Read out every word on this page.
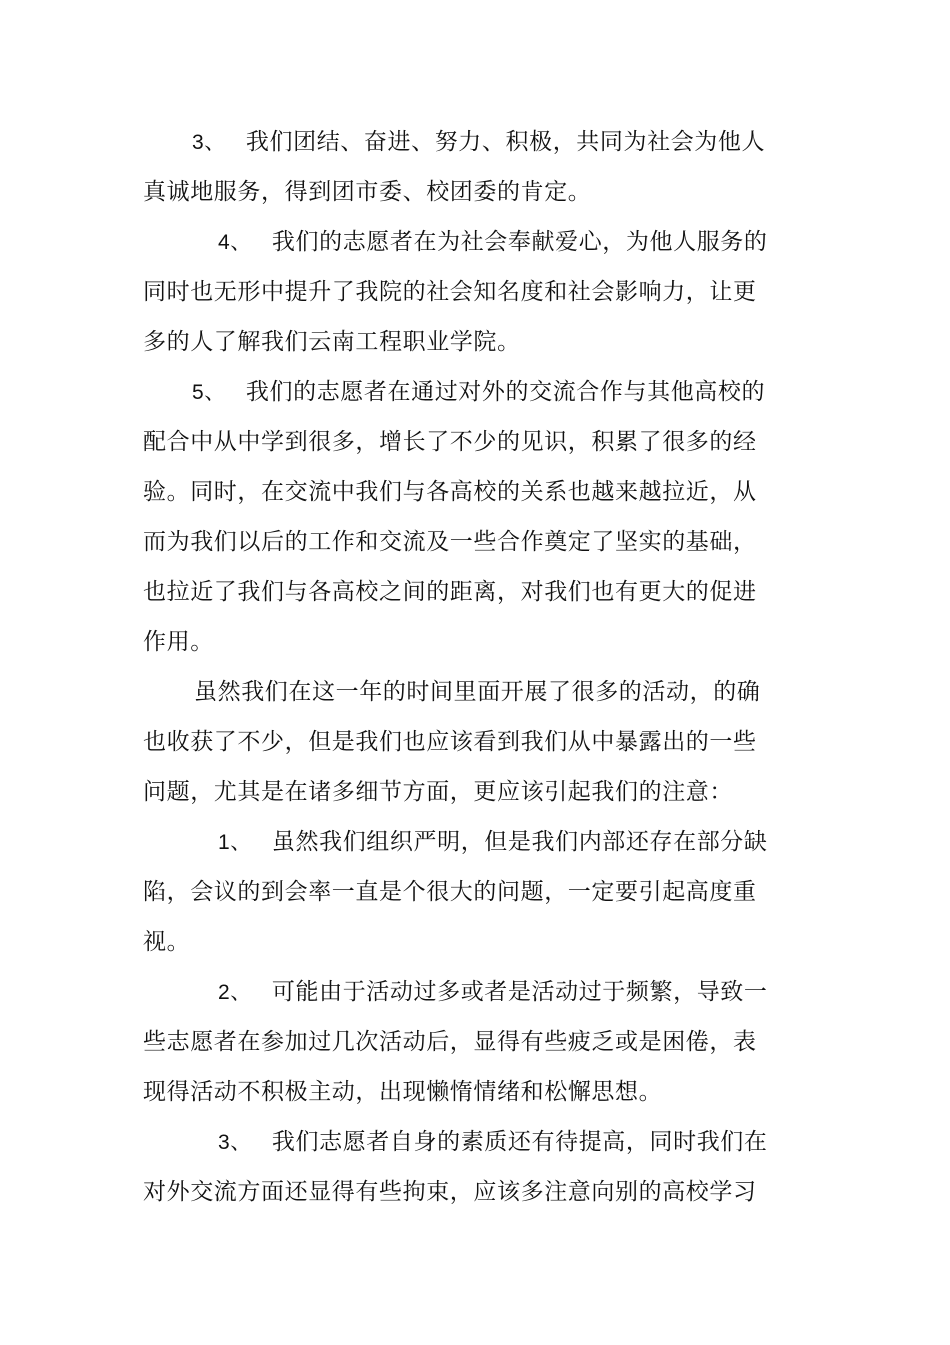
3、 我们团结、奋进、努力、积极，共同为社会为他人
真诚地服务，得到团市委、校团委的肯定。
4、 我们的志愿者在为社会奉献爱心，为他人服务的
同时也无形中提升了我院的社会知名度和社会影响力，让更
多的人了解我们云南工程职业学院。
5、 我们的志愿者在通过对外的交流合作与其他高校的
配合中从中学到很多，增长了不少的见识，积累了很多的经
验。同时，在交流中我们与各高校的关系也越来越拉近，从
而为我们以后的工作和交流及一些合作奠定了坚实的基础，
也拉近了我们与各高校之间的距离，对我们也有更大的促进
作用。
虽然我们在这一年的时间里面开展了很多的活动，的确
也收获了不少，但是我们也应该看到我们从中暴露出的一些
问题，尤其是在诸多细节方面，更应该引起我们的注意：
1、 虽然我们组织严明，但是我们内部还存在部分缺
陷，会议的到会率一直是个很大的问题，一定要引起高度重
视。
2、 可能由于活动过多或者是活动过于频繁，导致一
些志愿者在参加过几次活动后，显得有些疲乏或是困倦，表
现得活动不积极主动，出现懒惰情绪和松懈思想。
3、 我们志愿者自身的素质还有待提高，同时我们在
对外交流方面还显得有些拘束，应该多注意向别的高校学习
